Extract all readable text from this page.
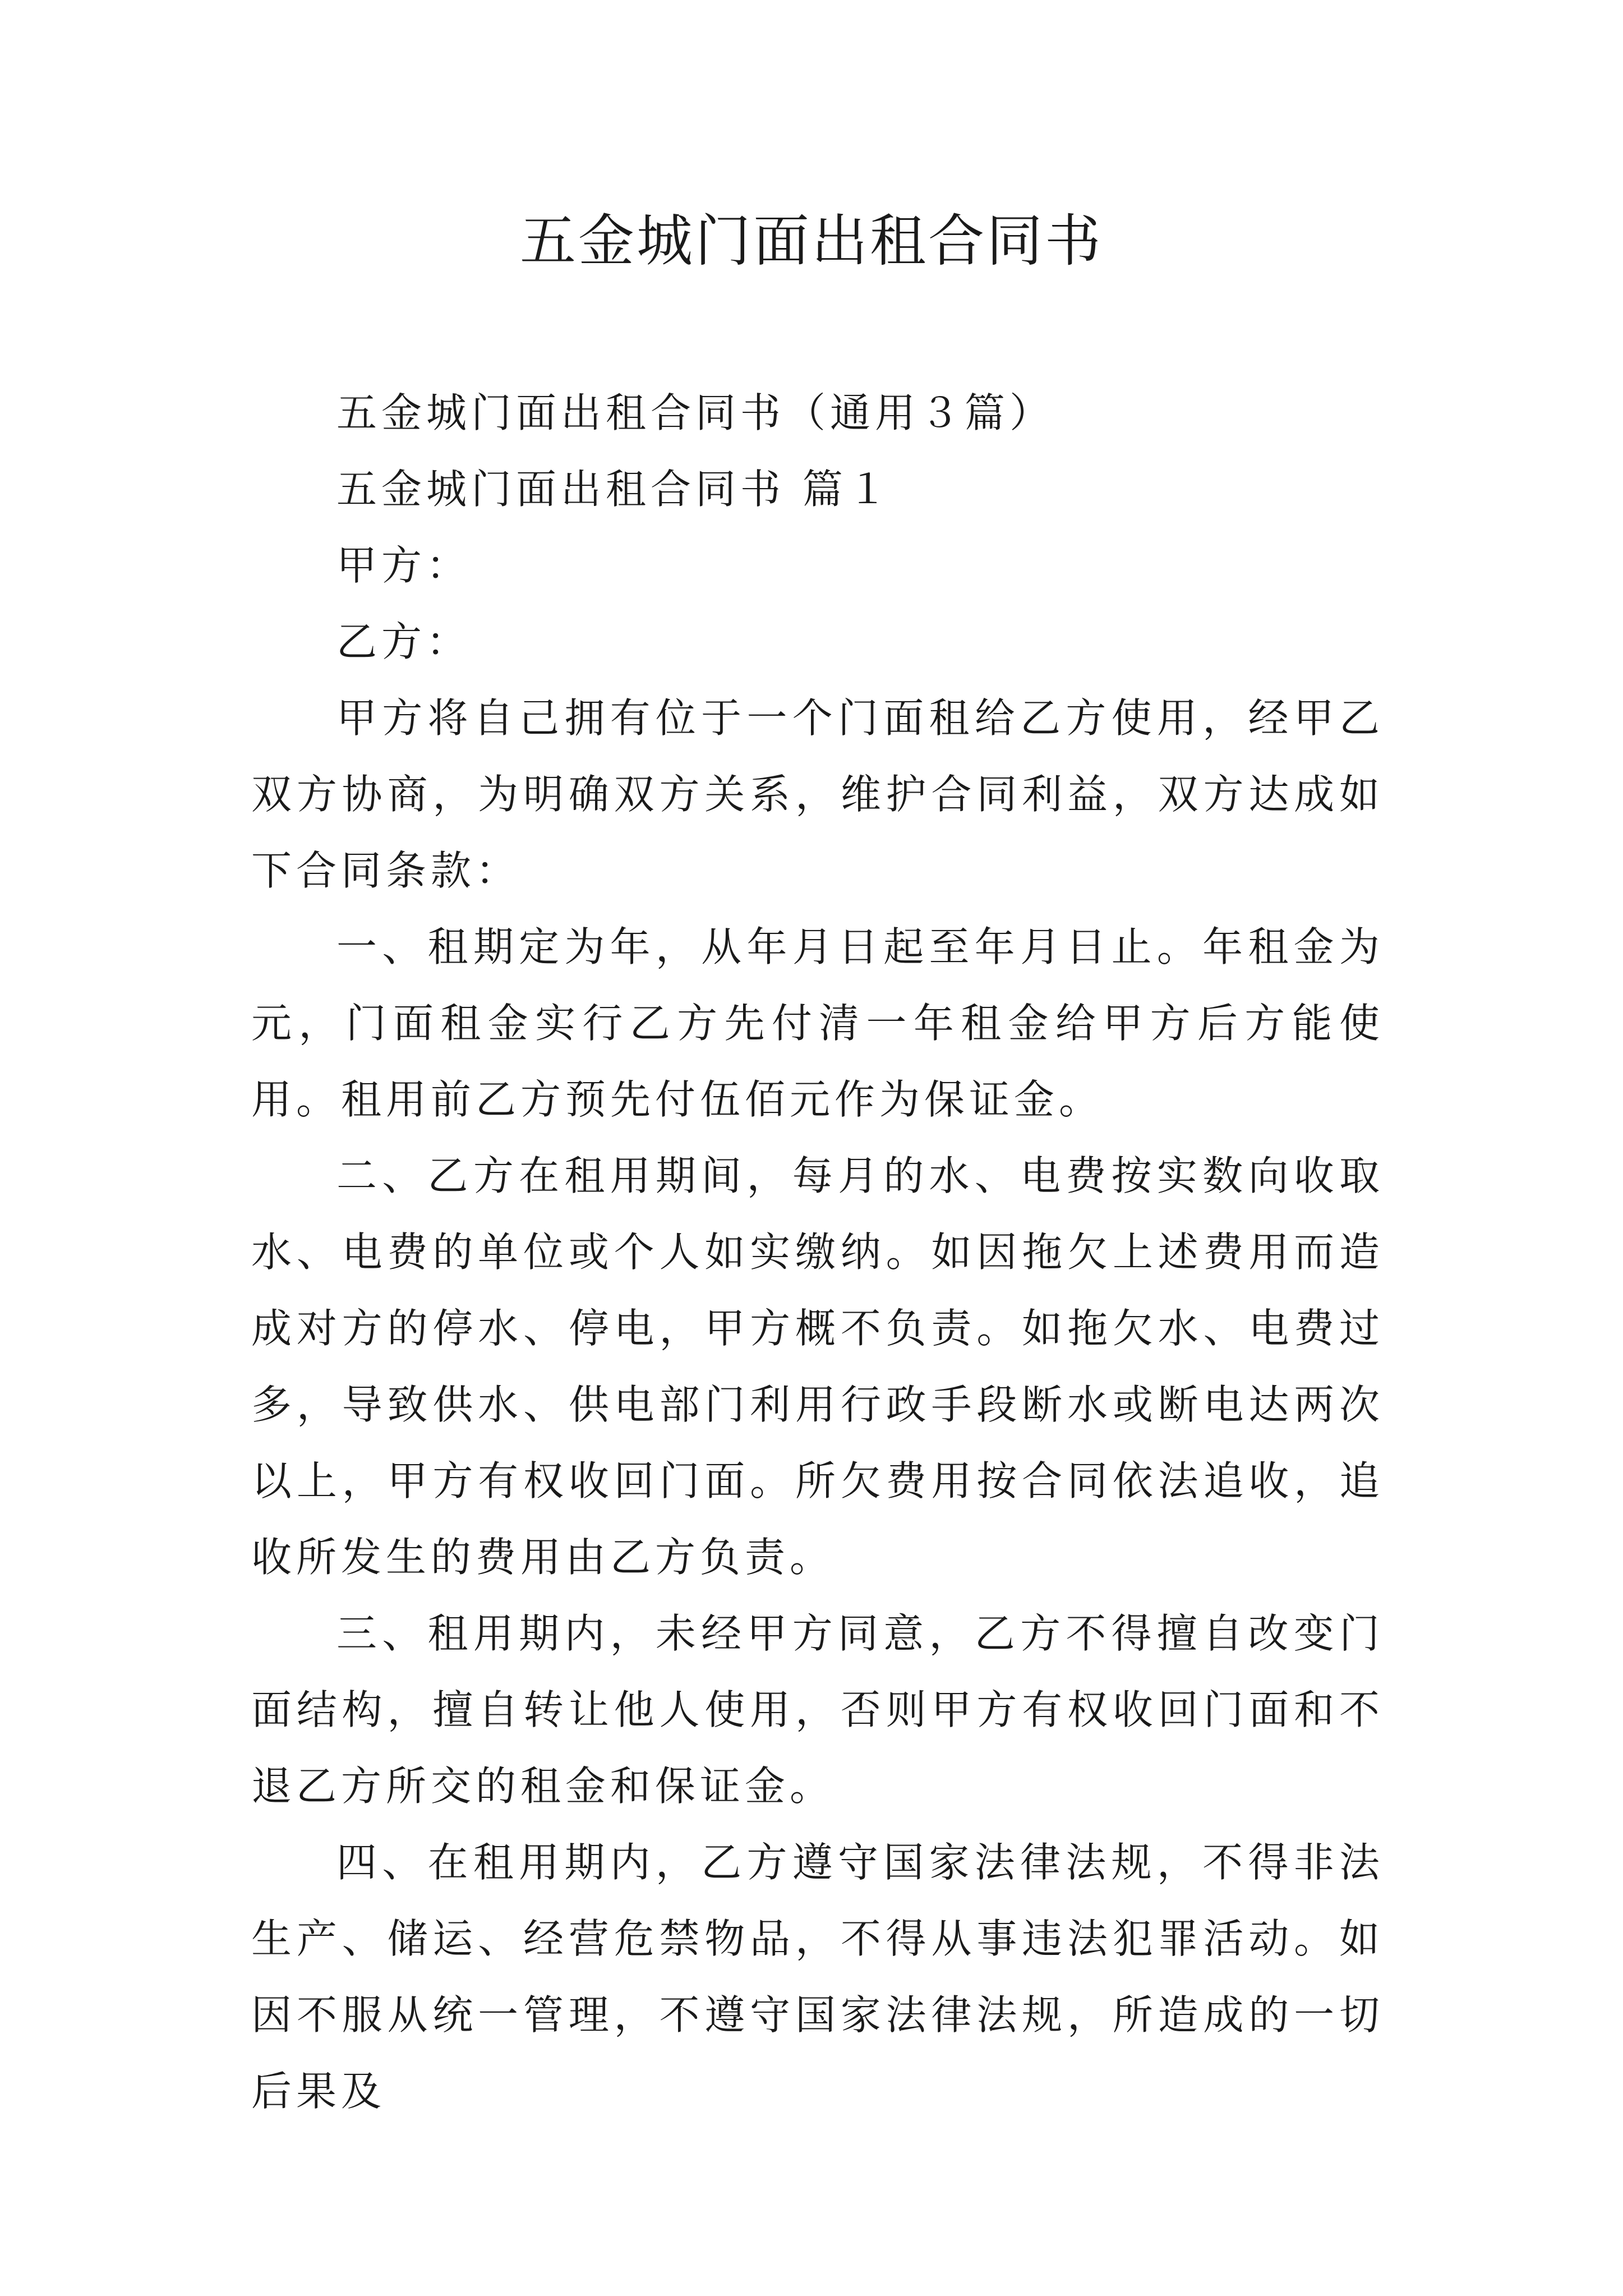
五金城门面出租合同书

五金城门面出租合同书（通用３篇）

五金城门面出租合同书 篇１

甲方：

乙方：

甲方将自己拥有位于一个门面租给乙方使用，经甲乙双方协商，为明确双方关系，维护合同利益，双方达成如下合同条款：

一、租期定为年，从年月日起至年月日止。年租金为元，门面租金实行乙方先付清一年租金给甲方后方能使用。租用前乙方预先付伍佰元作为保证金。

二、乙方在租用期间，每月的水、电费按实数向收取水、电费的单位或个人如实缴纳。如因拖欠上述费用而造成对方的停水、停电，甲方概不负责。如拖欠水、电费过多，导致供水、供电部门利用行政手段断水或断电达两次以上，甲方有权收回门面。所欠费用按合同依法追收，追收所发生的费用由乙方负责。

三、租用期内，未经甲方同意，乙方不得擅自改变门面结构，擅自转让他人使用，否则甲方有权收回门面和不退乙方所交的租金和保证金。

四、在租用期内，乙方遵守国家法律法规，不得非法生产、储运、经营危禁物品，不得从事违法犯罪活动。如因不服从统一管理，不遵守国家法律法规，所造成的一切后果及
